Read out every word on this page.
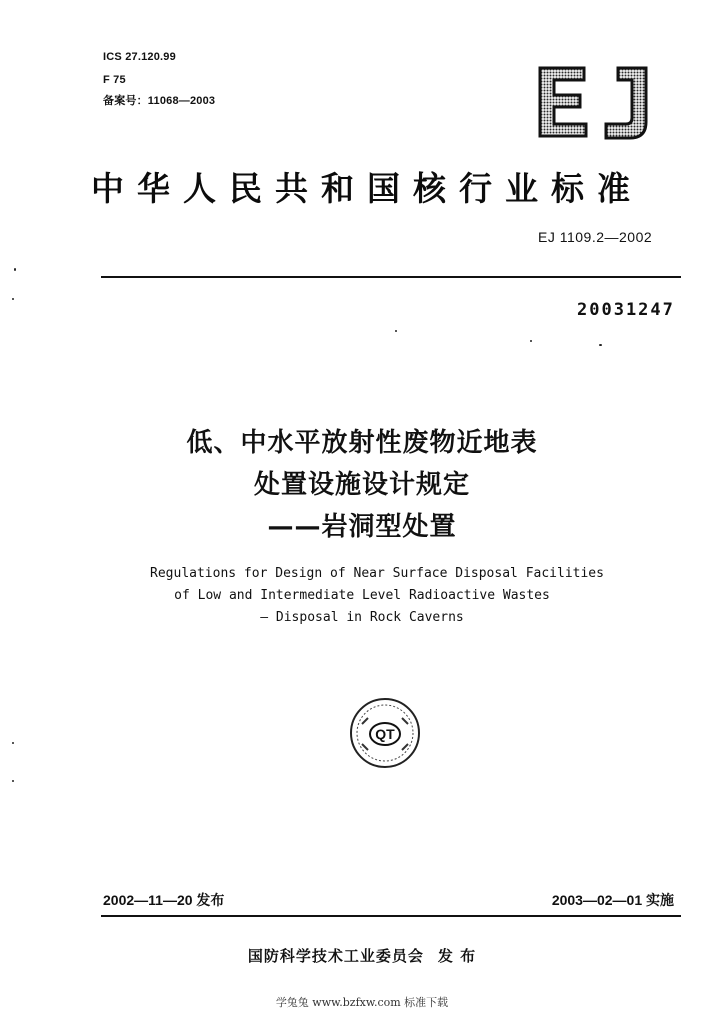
ICS 27.120.99
F 75
备案号：11068—2003
中华人民共和国核行业标准
EJ 1109.2—2002
20031247
低、中水平放射性废物近地表
处置设施设计规定
——岩洞型处置
Regulations for Design of Near Surface Disposal Facilities
of Low and Intermediate Level Radioactive Wastes
— Disposal in Rock Caverns
QT
2002—11—20 发布	2003—02—01 实施
国防科学技术工业委员会 发 布
学兔兔 www.bzfxw.com 标准下载
